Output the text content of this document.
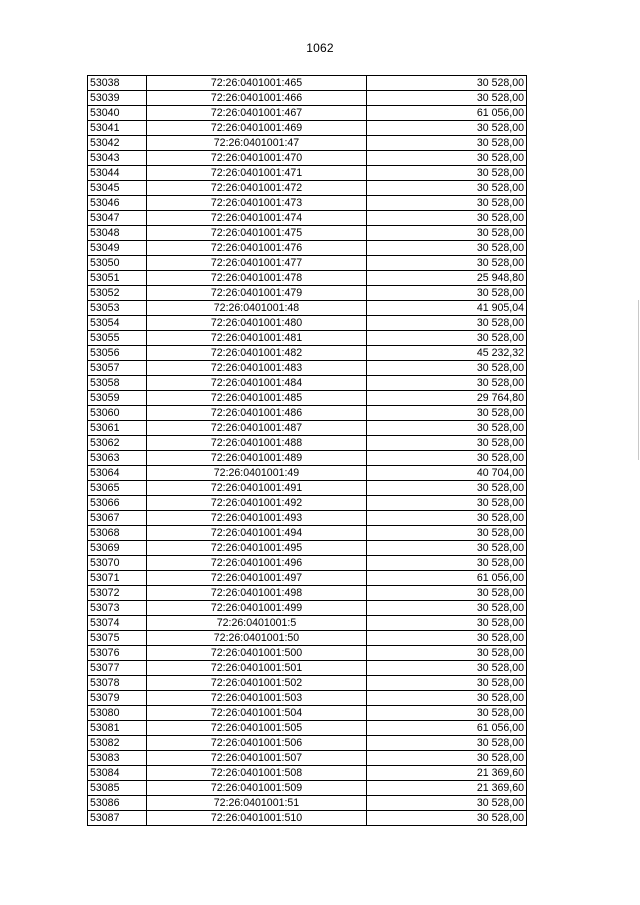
1062
53038	72:26:0401001:465	30 528,00
53039	72:26:0401001:466	30 528,00
53040	72:26:0401001:467	61 056,00
53041	72:26:0401001:469	30 528,00
53042	72:26:0401001:47	30 528,00
53043	72:26:0401001:470	30 528,00
53044	72:26:0401001:471	30 528,00
53045	72:26:0401001:472	30 528,00
53046	72:26:0401001:473	30 528,00
53047	72:26:0401001:474	30 528,00
53048	72:26:0401001:475	30 528,00
53049	72:26:0401001:476	30 528,00
53050	72:26:0401001:477	30 528,00
53051	72:26:0401001:478	25 948,80
53052	72:26:0401001:479	30 528,00
53053	72:26:0401001:48	41 905,04
53054	72:26:0401001:480	30 528,00
53055	72:26:0401001:481	30 528,00
53056	72:26:0401001:482	45 232,32
53057	72:26:0401001:483	30 528,00
53058	72:26:0401001:484	30 528,00
53059	72:26:0401001:485	29 764,80
53060	72:26:0401001:486	30 528,00
53061	72:26:0401001:487	30 528,00
53062	72:26:0401001:488	30 528,00
53063	72:26:0401001:489	30 528,00
53064	72:26:0401001:49	40 704,00
53065	72:26:0401001:491	30 528,00
53066	72:26:0401001:492	30 528,00
53067	72:26:0401001:493	30 528,00
53068	72:26:0401001:494	30 528,00
53069	72:26:0401001:495	30 528,00
53070	72:26:0401001:496	30 528,00
53071	72:26:0401001:497	61 056,00
53072	72:26:0401001:498	30 528,00
53073	72:26:0401001:499	30 528,00
53074	72:26:0401001:5	30 528,00
53075	72:26:0401001:50	30 528,00
53076	72:26:0401001:500	30 528,00
53077	72:26:0401001:501	30 528,00
53078	72:26:0401001:502	30 528,00
53079	72:26:0401001:503	30 528,00
53080	72:26:0401001:504	30 528,00
53081	72:26:0401001:505	61 056,00
53082	72:26:0401001:506	30 528,00
53083	72:26:0401001:507	30 528,00
53084	72:26:0401001:508	21 369,60
53085	72:26:0401001:509	21 369,60
53086	72:26:0401001:51	30 528,00
53087	72:26:0401001:510	30 528,00
